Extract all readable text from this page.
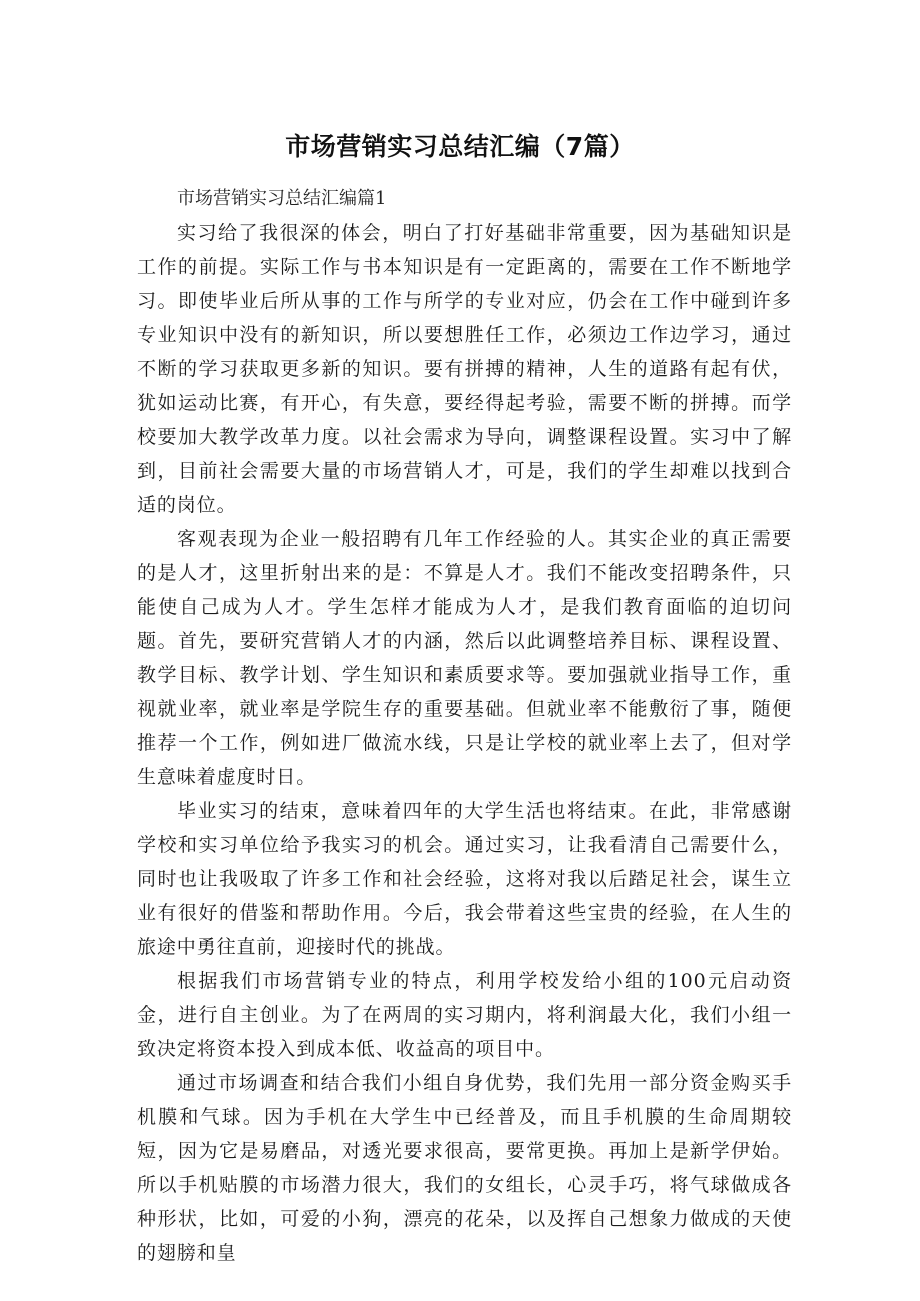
市场营销实习总结汇编（7篇）

市场营销实习总结汇编篇1

实习给了我很深的体会，明白了打好基础非常重要，因为基础知识是工作的前提。实际工作与书本知识是有一定距离的，需要在工作不断地学习。即使毕业后所从事的工作与所学的专业对应，仍会在工作中碰到许多专业知识中没有的新知识，所以要想胜任工作，必须边工作边学习，通过不断的学习获取更多新的知识。要有拼搏的精神，人生的道路有起有伏，犹如运动比赛，有开心，有失意，要经得起考验，需要不断的拼搏。而学校要加大教学改革力度。以社会需求为导向，调整课程设置。实习中了解到，目前社会需要大量的市场营销人才，可是，我们的学生却难以找到合适的岗位。

客观表现为企业一般招聘有几年工作经验的人。其实企业的真正需要的是人才，这里折射出来的是：不算是人才。我们不能改变招聘条件，只能使自己成为人才。学生怎样才能成为人才，是我们教育面临的迫切问题。首先，要研究营销人才的内涵，然后以此调整培养目标、课程设置、教学目标、教学计划、学生知识和素质要求等。要加强就业指导工作，重视就业率，就业率是学院生存的重要基础。但就业率不能敷衍了事，随便推荐一个工作，例如进厂做流水线，只是让学校的就业率上去了，但对学生意味着虚度时日。

毕业实习的结束，意味着四年的大学生活也将结束。在此，非常感谢学校和实习单位给予我实习的机会。通过实习，让我看清自己需要什么，同时也让我吸取了许多工作和社会经验，这将对我以后踏足社会，谋生立业有很好的借鉴和帮助作用。今后，我会带着这些宝贵的经验，在人生的旅途中勇往直前，迎接时代的挑战。

根据我们市场营销专业的特点，利用学校发给小组的100元启动资金，进行自主创业。为了在两周的实习期内，将利润最大化，我们小组一致决定将资本投入到成本低、收益高的项目中。

通过市场调查和结合我们小组自身优势，我们先用一部分资金购买手机膜和气球。因为手机在大学生中已经普及，而且手机膜的生命周期较短，因为它是易磨品，对透光要求很高，要常更换。再加上是新学伊始。所以手机贴膜的市场潜力很大，我们的女组长，心灵手巧，将气球做成各种形状，比如，可爱的小狗，漂亮的花朵，以及挥自己想象力做成的天使的翅膀和皇
